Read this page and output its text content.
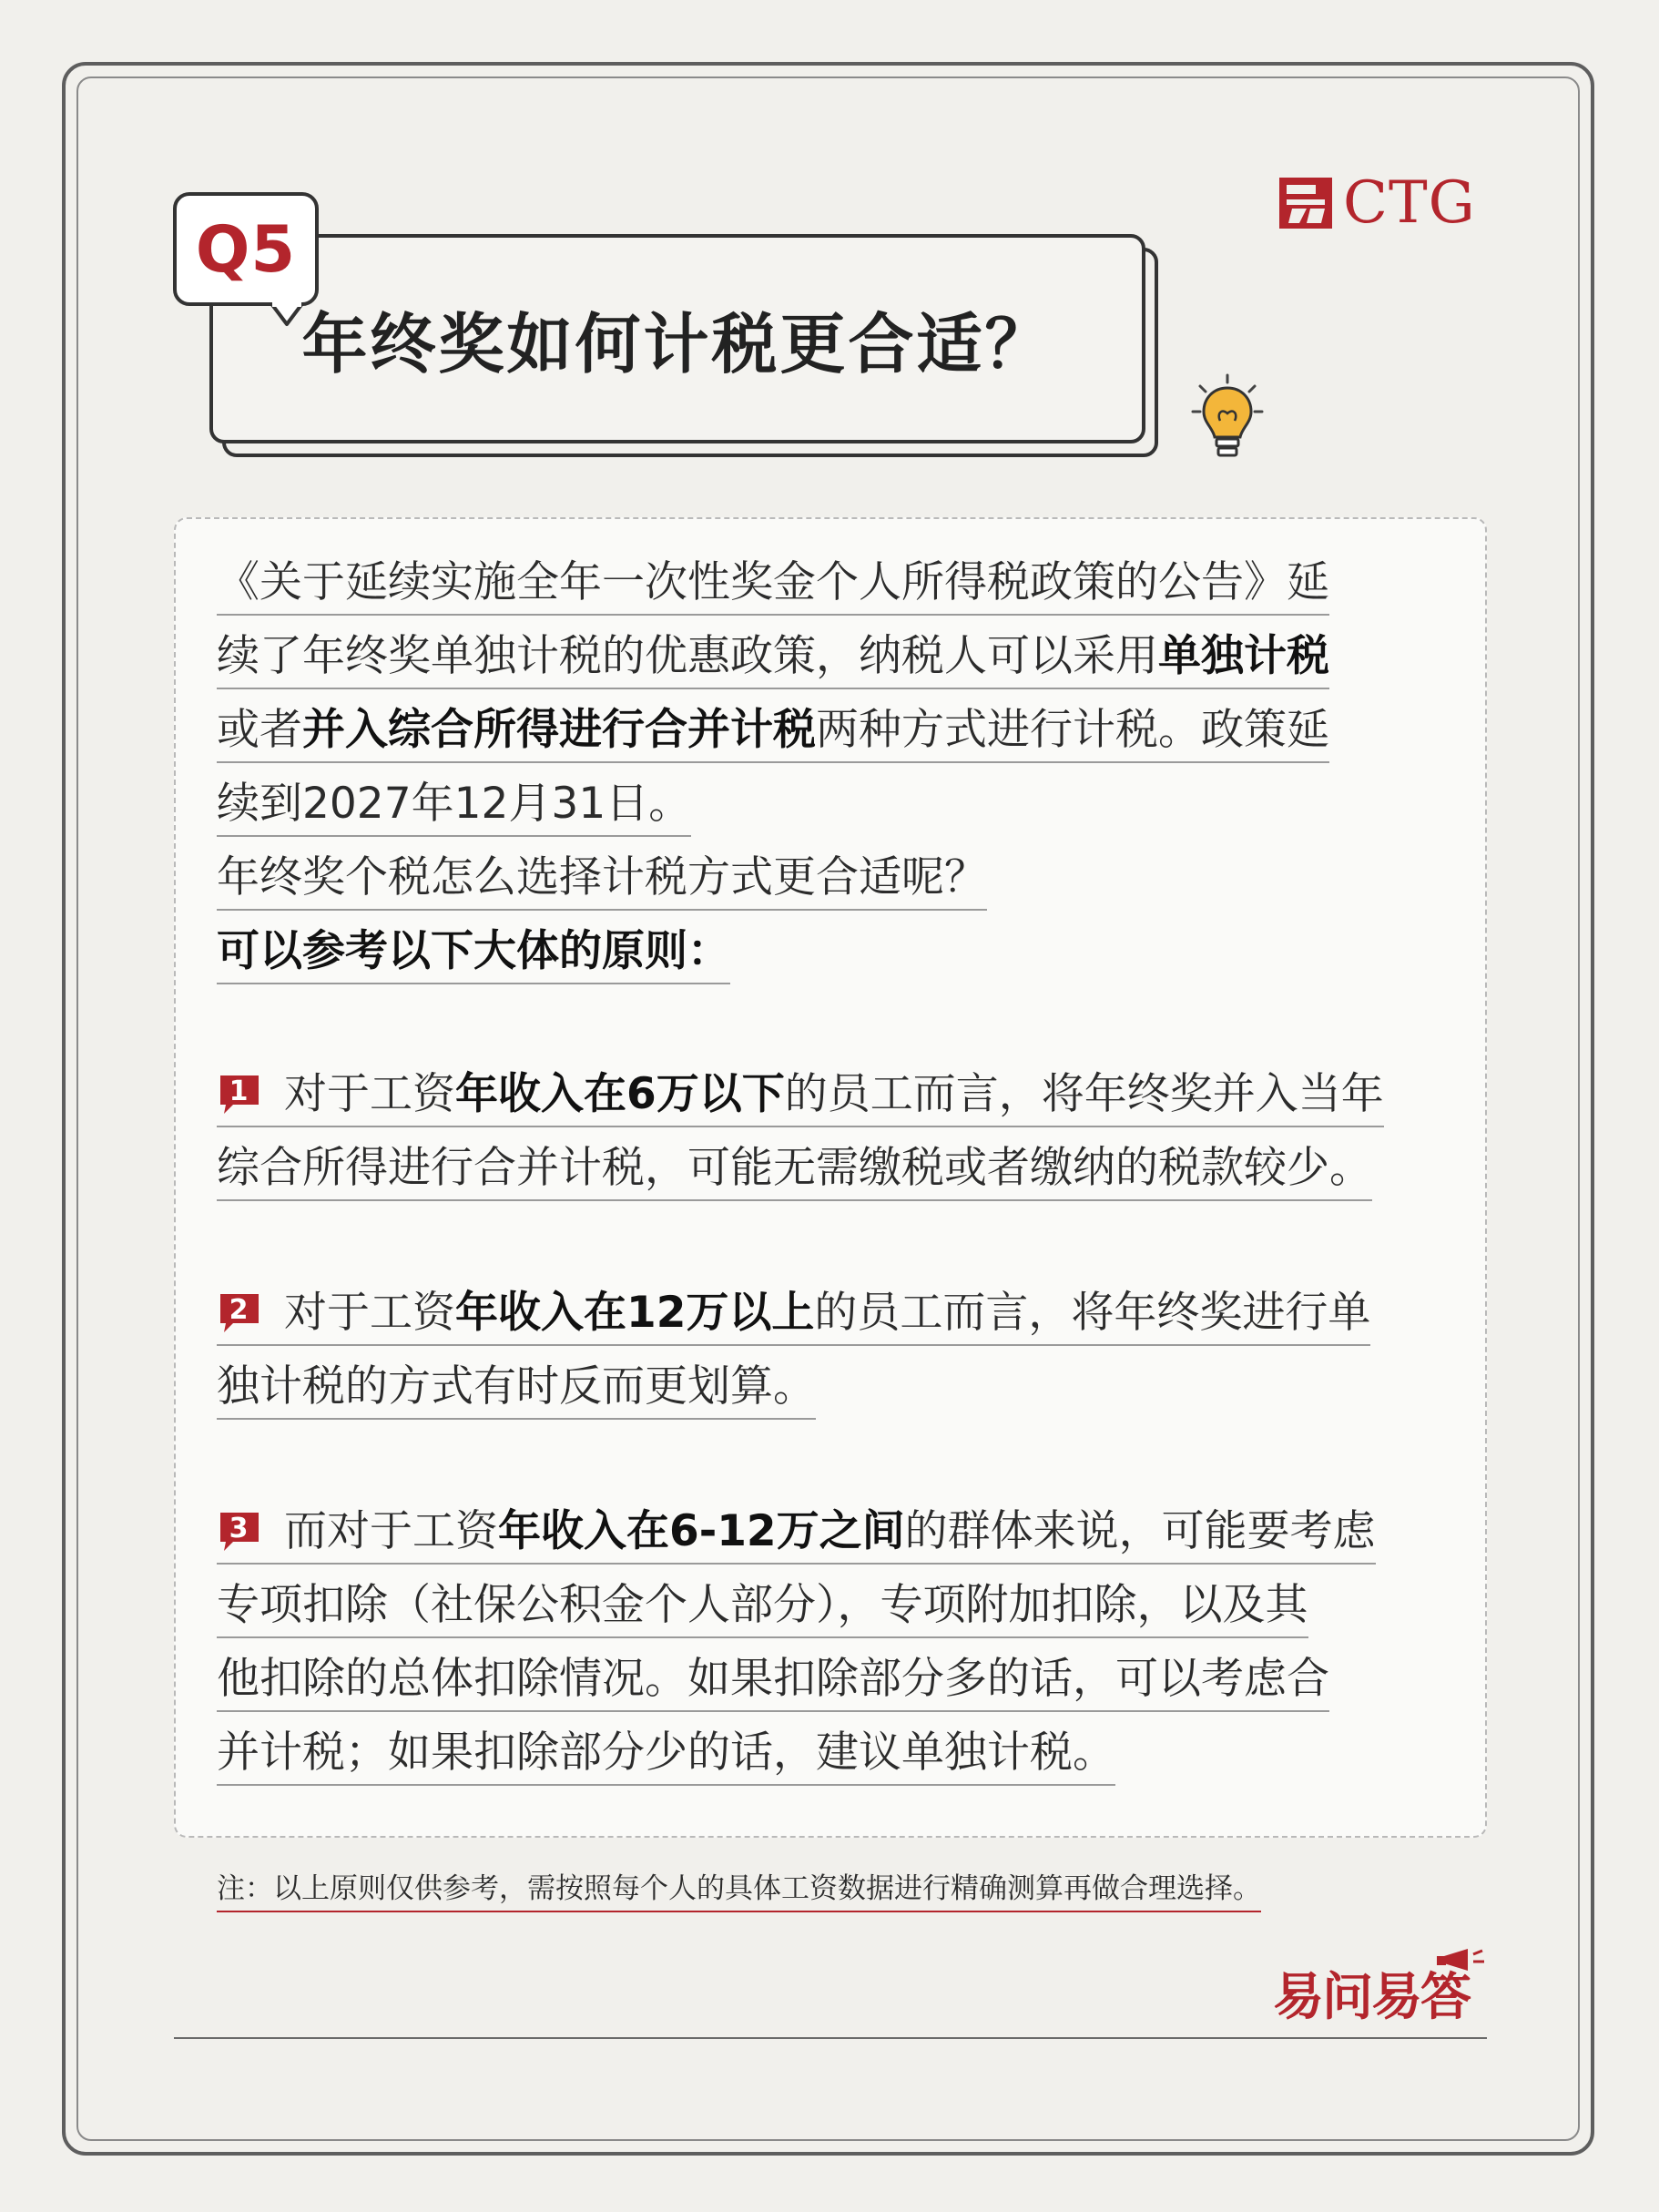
CTG
年终奖如何计税更合适？
Q5
《关于延续实施全年一次性奖金个人所得税政策的公告》延
续了年终奖单独计税的优惠政策，纳税人可以采用 单独计税
或者 并入综合所得进行合并计税 两种方式进行计税。政策延
续到2027年12月31日。
年终奖个税怎么选择计税方式更合适呢？
可以参考以下大体的原则：
1 对于工资 年收入在6万以下 的员工而言，将年终奖并入当年
综合所得进行合并计税，可能无需缴税或者缴纳的税款较少。
2 对于工资 年收入在12万以上 的员工而言，将年终奖进行单
独计税的方式有时反而更划算。
3 而对于工资 年收入在6-12万之间 的群体来说，可能要考虑
专项扣除（社保公积金个人部分），专项附加扣除，以及其
他扣除的总体扣除情况。如果扣除部分多的话，可以考虑合
并计税；如果扣除部分少的话，建议单独计税。
注：以上原则仅供参考，需按照每个人的具体工资数据进行精确测算再做合理选择。
易问易答
